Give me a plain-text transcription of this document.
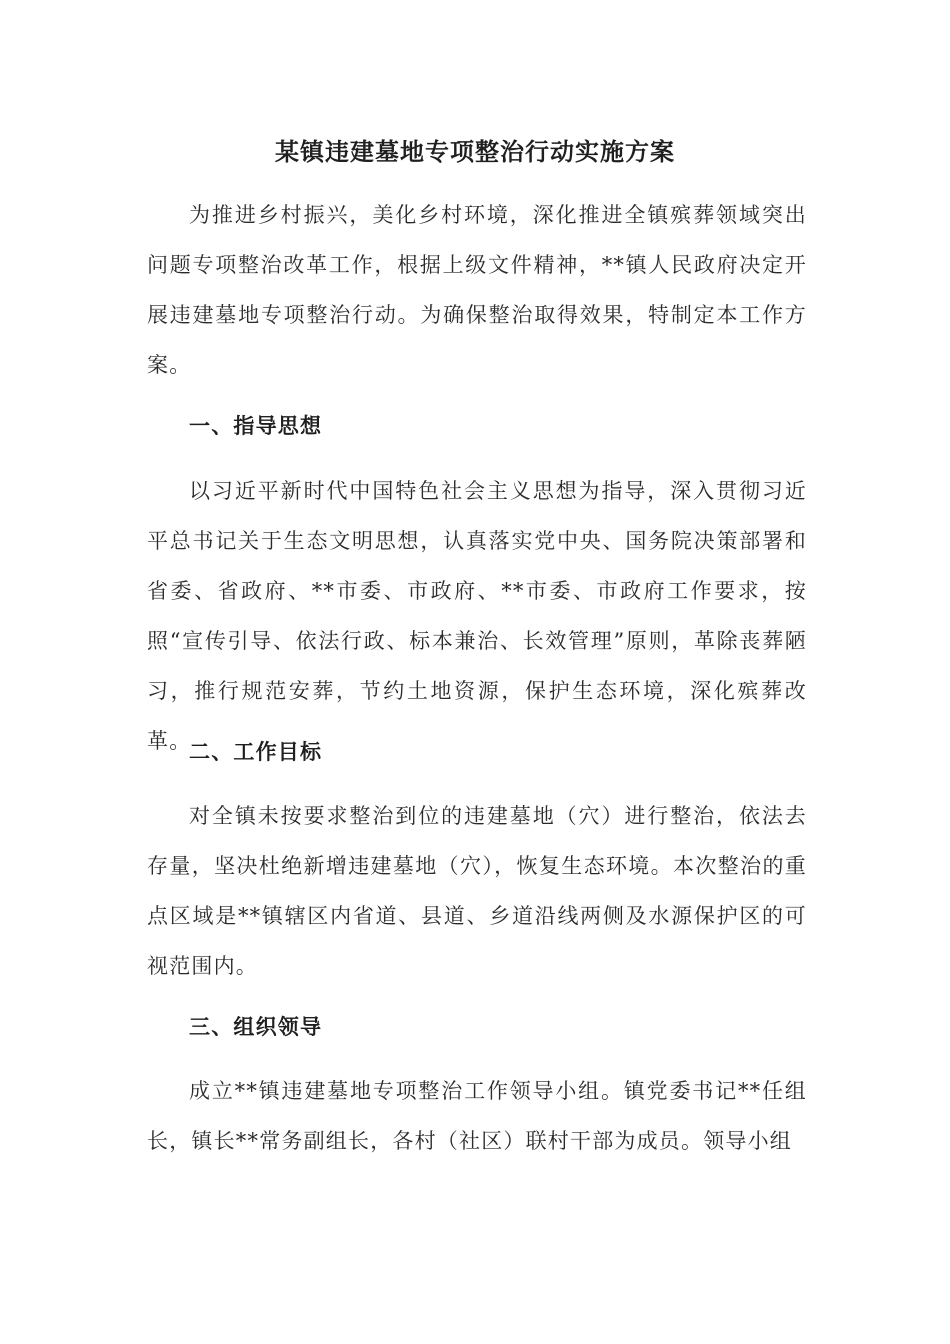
某镇违建墓地专项整治行动实施方案

为推进乡村振兴，美化乡村环境，深化推进全镇殡葬领域突出问题专项整治改革工作，根据上级文件精神，**镇人民政府决定开展违建墓地专项整治行动。为确保整治取得效果，特制定本工作方案。

一、指导思想

以习近平新时代中国特色社会主义思想为指导，深入贯彻习近平总书记关于生态文明思想，认真落实党中央、国务院决策部署和省委、省政府、**市委、市政府、**市委、市政府工作要求，按照“宣传引导、依法行政、标本兼治、长效管理”原则，革除丧葬陋习，推行规范安葬，节约土地资源，保护生态环境，深化殡葬改革。

二、工作目标

对全镇未按要求整治到位的违建墓地（穴）进行整治，依法去存量，坚决杜绝新增违建墓地（穴），恢复生态环境。本次整治的重点区域是**镇辖区内省道、县道、乡道沿线两侧及水源保护区的可视范围内。

三、组织领导

成立**镇违建墓地专项整治工作领导小组。镇党委书记**任组长，镇长**常务副组长，各村（社区）联村干部为成员。领导小组
